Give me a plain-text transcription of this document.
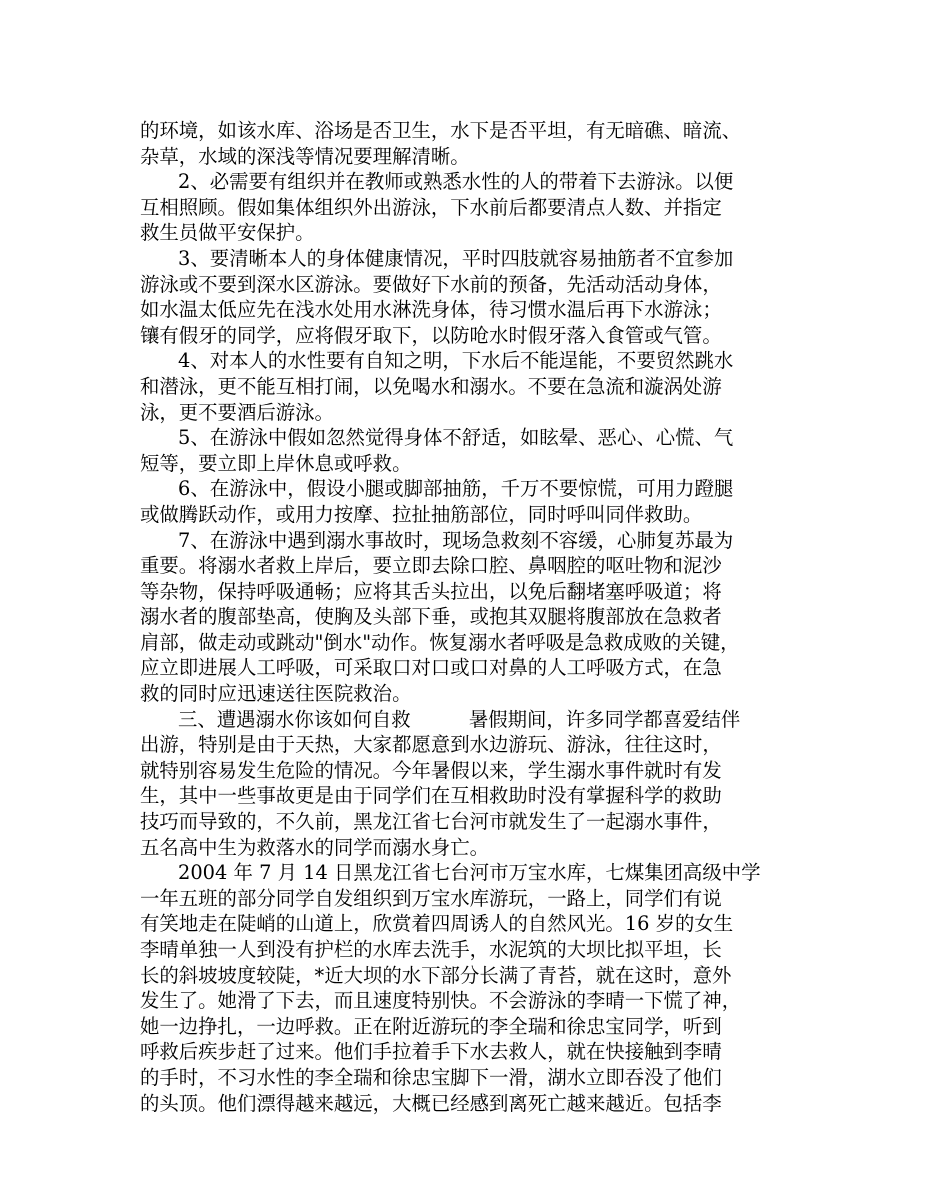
的环境，如该水库、浴场是否卫生，水下是否平坦，有无暗礁、暗流、
杂草，水域的深浅等情况要理解清晰。

2、必需要有组织并在教师或熟悉水性的人的带着下去游泳。以便
互相照顾。假如集体组织外出游泳，下水前后都要清点人数、并指定
救生员做平安保护。

3、要清晰本人的身体健康情况，平时四肢就容易抽筋者不宜参加
游泳或不要到深水区游泳。要做好下水前的预备，先活动活动身体，
如水温太低应先在浅水处用水淋洗身体，待习惯水温后再下水游泳；
镶有假牙的同学，应将假牙取下，以防呛水时假牙落入食管或气管。

4、对本人的水性要有自知之明，下水后不能逞能，不要贸然跳水
和潜泳，更不能互相打闹，以免喝水和溺水。不要在急流和漩涡处游
泳，更不要酒后游泳。

5、在游泳中假如忽然觉得身体不舒适，如眩晕、恶心、心慌、气
短等，要立即上岸休息或呼救。

6、在游泳中，假设小腿或脚部抽筋，千万不要惊慌，可用力蹬腿
或做腾跃动作，或用力按摩、拉扯抽筋部位，同时呼叫同伴救助。

7、在游泳中遇到溺水事故时，现场急救刻不容缓，心肺复苏最为
重要。将溺水者救上岸后，要立即去除口腔、鼻咽腔的呕吐物和泥沙
等杂物，保持呼吸通畅；应将其舌头拉出，以免后翻堵塞呼吸道；将
溺水者的腹部垫高，使胸及头部下垂，或抱其双腿将腹部放在急救者
肩部，做走动或跳动"倒水"动作。恢复溺水者呼吸是急救成败的关键，
应立即进展人工呼吸，可采取口对口或口对鼻的人工呼吸方式，在急
救的同时应迅速送往医院救治。

三、遭遇溺水你该如何自救　　　暑假期间，许多同学都喜爱结伴
出游，特别是由于天热，大家都愿意到水边游玩、游泳，往往这时，
就特别容易发生危险的情况。今年暑假以来，学生溺水事件就时有发
生，其中一些事故更是由于同学们在互相救助时没有掌握科学的救助
技巧而导致的，不久前，黑龙江省七台河市就发生了一起溺水事件，
五名高中生为救落水的同学而溺水身亡。

2004 年 7 月 14 日黑龙江省七台河市万宝水库，七煤集团高级中学
一年五班的部分同学自发组织到万宝水库游玩，一路上，同学们有说
有笑地走在陡峭的山道上，欣赏着四周诱人的自然风光。16 岁的女生
李晴单独一人到没有护栏的水库去洗手，水泥筑的大坝比拟平坦，长
长的斜坡坡度较陡，*近大坝的水下部分长满了青苔，就在这时，意外
发生了。她滑了下去，而且速度特别快。不会游泳的李晴一下慌了神，
她一边挣扎，一边呼救。正在附近游玩的李全瑞和徐忠宝同学，听到
呼救后疾步赶了过来。他们手拉着手下水去救人，就在快接触到李晴
的手时，不习水性的李全瑞和徐忠宝脚下一滑，湖水立即吞没了他们
的头顶。他们漂得越来越远，大概已经感到离死亡越来越近。包括李
